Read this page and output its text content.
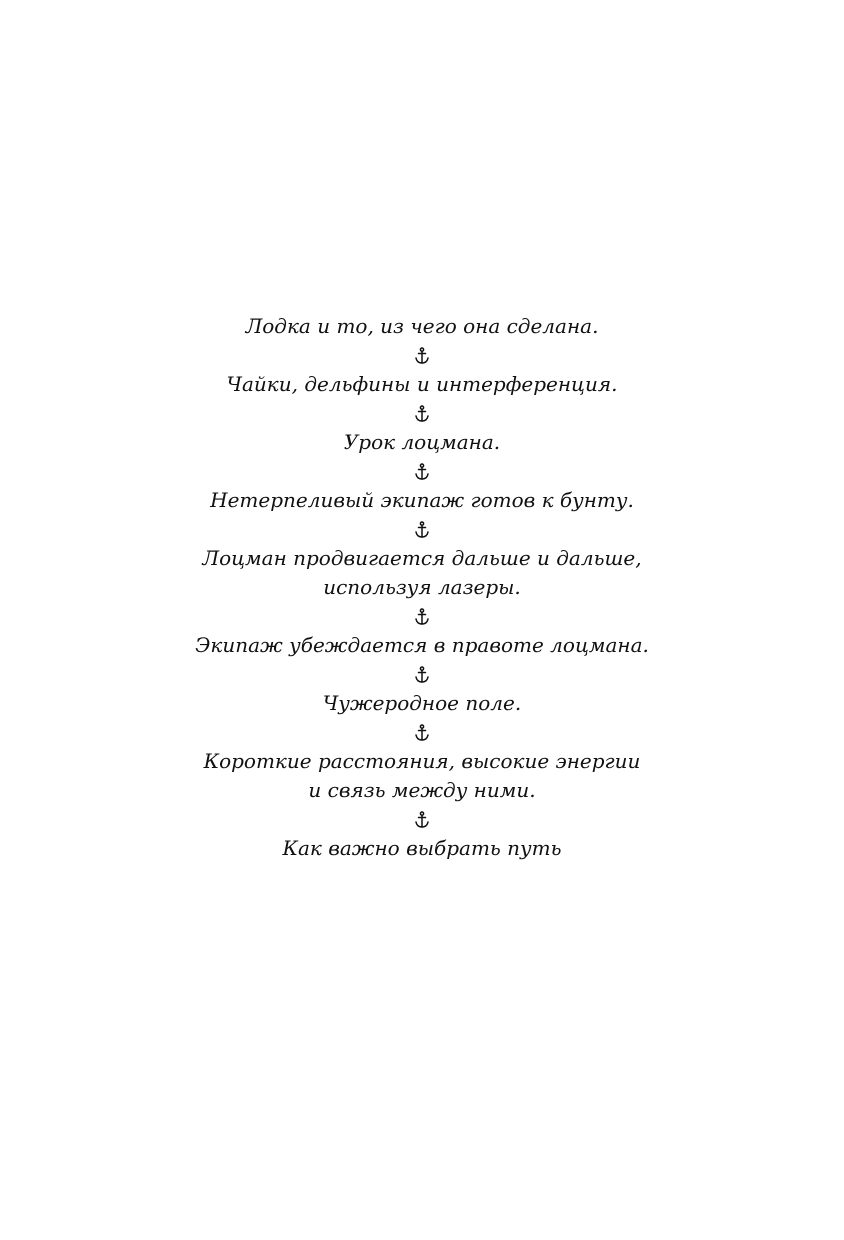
Лодка и то, из чего она сделана.

Чайки, дельфины и интерференция.

Урок лоцмана.

Нетерпеливый экипаж готов к бунту.

Лоцман продвигается дальше и дальше,

используя лазеры.

Экипаж убеждается в правоте лоцмана.

Чужеродное поле.

Короткие расстояния, высокие энергии

и связь между ними.

Как важно выбрать путь
